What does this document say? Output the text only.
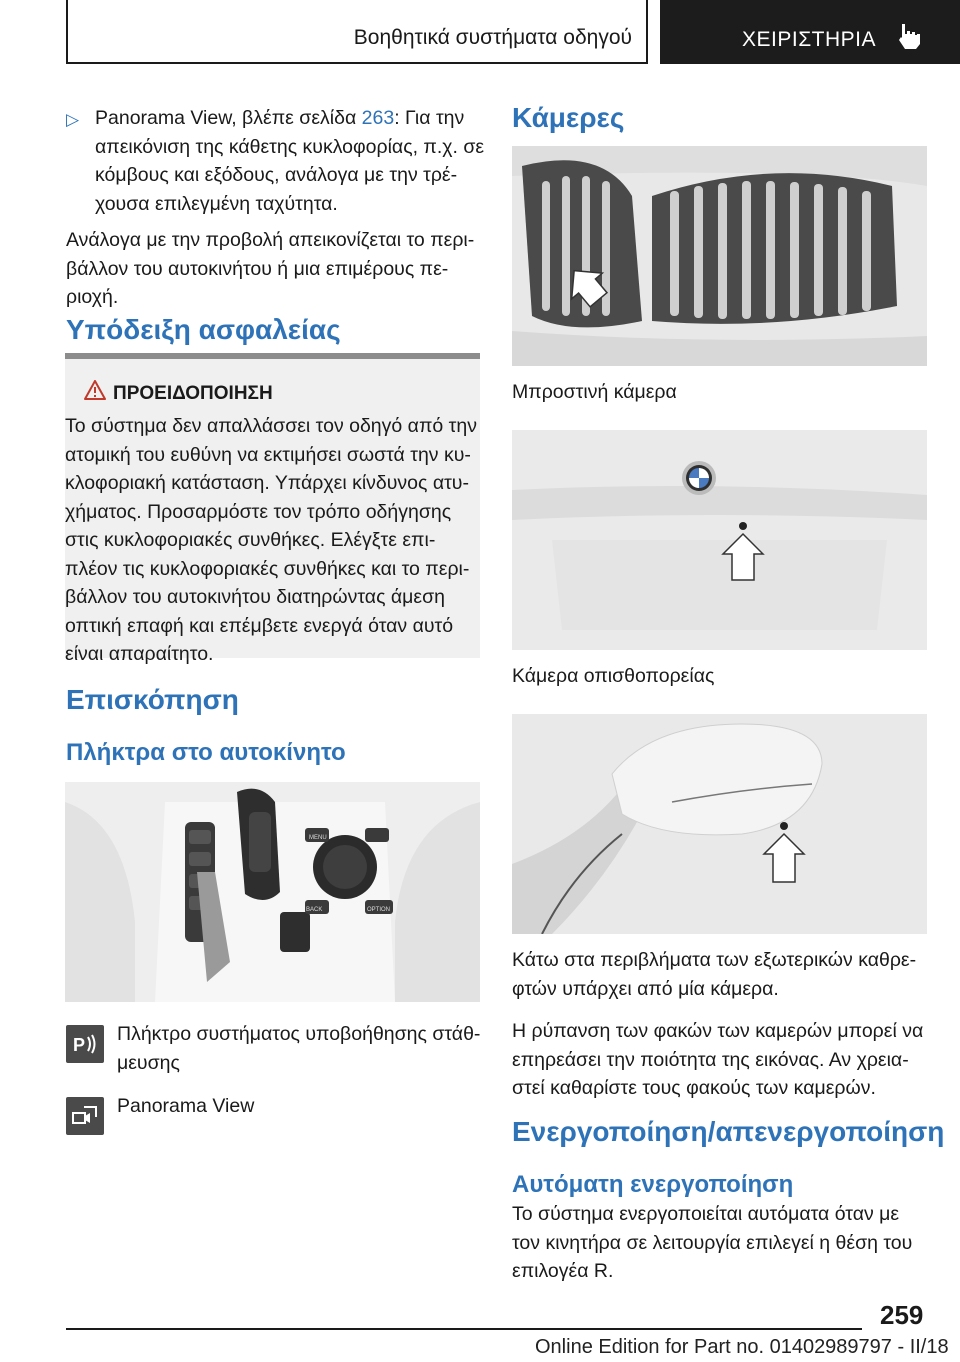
Βοηθητικά συστήματα οδηγού	ΧΕΙΡΙΣΤΗΡΙΑ
▷ Panorama View, βλέπε σελίδα 263: Για την

απεικόνιση της κάθετης κυκλοφορίας, π.χ. σε

κόμβους και εξόδους, ανάλογα με την τρέ-

χουσα επιλεγμένη ταχύτητα.

Ανάλογα με την προβολή απεικονίζεται το περι-

βάλλον του αυτοκινήτου ή μια επιμέρους πε-

ριοχή.

Υπόδειξη ασφαλείας
ΠΡΟΕΙΔΟΠΟΙΗΣΗ

Το σύστημα δεν απαλλάσσει τον οδηγό από την

ατομική του ευθύνη να εκτιμήσει σωστά την κυ-

κλοφοριακή κατάσταση. Υπάρχει κίνδυνος ατυ-

χήματος. Προσαρμόστε τον τρόπο οδήγησης

στις κυκλοφοριακές συνθήκες. Ελέγξτε επι-

πλέον τις κυκλοφοριακές συνθήκες και το περι-

βάλλον του αυτοκινήτου διατηρώντας άμεση

οπτική επαφή και επέμβετε ενεργά όταν αυτό

είναι απαραίτητο.

Επισκόπηση
Πλήκτρα στο αυτοκίνητο
MENU
BACK	OPTION
P Πλήκτρο συστήματος υποβοήθησης στάθ-

μευσης

Panorama View

Κάμερες
Μπροστινή κάμερα
Κάμερα οπισθοπορείας

Κάτω στα περιβλήματα των εξωτερικών καθρε-

φτών υπάρχει από μία κάμερα.

Η ρύπανση των φακών των καμερών μπορεί να

επηρεάσει την ποιότητα της εικόνας. Αν χρεια-

στεί καθαρίστε τους φακούς των καμερών.

Ενεργοποίηση/απενεργοποίηση
Αυτόματη ενεργοποίηση

Το σύστημα ενεργοποιείται αυτόματα όταν με

τον κινητήρα σε λειτουργία επιλεγεί η θέση του

επιλογέα R.

259
Online Edition for Part no. 01402989797 - II/18
